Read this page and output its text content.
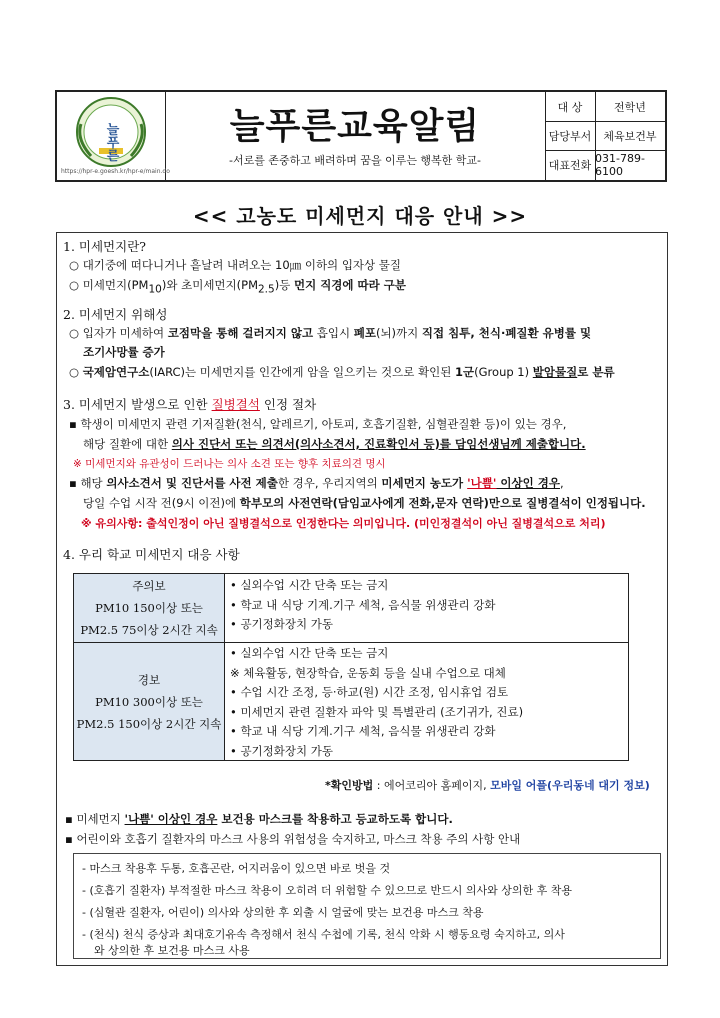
늘푸른
https://hpr-e.goesh.kr/hpr-e/main.do
늘푸른교육알림
-서로를 존중하고 배려하며 꿈을 이루는 행복한 학교-
대 상	전학년
담당부서	체육보건부
대표전화
031-789-6100
<< 고농도 미세먼지 대응 안내 >>
1. 미세먼지란?
○ 대기중에 떠다니거나 흩날려 내려오는 10㎛ 이하의 입자상 물질
○ 미세먼지$(PM_{10})$와 초미세먼지$(PM_{2.5})$등 먼지 직경에 따라 구분
2. 미세먼지 위해성
○ 입자가 미세하여 코점막을 통해 걸러지지 않고 흡입시 폐포(뇌)까지 직접 침투, 천식·폐질환 유병률 및
조기사망률 증가
○ 국제암연구소(IARC)는 미세먼지를 인간에게 암을 일으키는 것으로 확인된 1군(Group 1) 발암물질로 분류
3. 미세먼지 발생으로 인한 질병결석 인정 절차
▪ 학생이 미세먼지 관련 기저질환(천식, 알레르기, 아토피, 호흡기질환, 심혈관질환 등)이 있는 경우,
해당 질환에 대한 의사 진단서 또는 의견서(의사소견서, 진료확인서 등)를 담임선생님께 제출합니다.
※ 미세먼지와 유관성이 드러나는 의사 소견 또는 향후 치료의견 명시
▪ 해당 의사소견서 및 진단서를 사전 제출한 경우, 우리지역의 미세먼지 농도가 '나쁨' 이상인 경우,
당일 수업 시작 전(9시 이전)에 학부모의 사전연락(담임교사에게 전화,문자 연락)만으로 질병결석이 인정됩니다.
※ 유의사항: 출석인정이 아닌 질병결석으로 인정한다는 의미입니다. (미인정결석이 아닌 질병결석으로 처리)
4. 우리 학교 미세먼지 대응 사항
주의보
PM10 150이상 또는
PM2.5 75이상 2시간 지속
• 실외수업 시간 단축 또는 금지
• 학교 내 식당 기계.기구 세척, 음식물 위생관리 강화
• 공기정화장치 가동
경보
PM10 300이상 또는
PM2.5 150이상 2시간 지속
• 실외수업 시간 단축 또는 금지
※ 체육활동, 현장학습, 운동회 등을 실내 수업으로 대체
• 수업 시간 조정, 등·하교(원) 시간 조정, 임시휴업 검토
• 미세먼지 관련 질환자 파악 및 특별관리 (조기귀가, 진료)
• 학교 내 식당 기계.기구 세척, 음식물 위생관리 강화
• 공기정화장치 가동
*확인방법 : 에어코리아 홈페이지, 모바일 어플(우리동네 대기 정보)
▪ 미세먼지 '나쁨' 이상인 경우 보건용 마스크를 착용하고 등교하도록 합니다.
▪ 어린이와 호흡기 질환자의 마스크 사용의 위험성을 숙지하고, 마스크 착용 주의 사항 안내
- 마스크 착용후 두통, 호흡곤란, 어지러움이 있으면 바로 벗을 것
- (호흡기 질환자) 부적절한 마스크 착용이 오히려 더 위험할 수 있으므로 반드시 의사와 상의한 후 착용
- (심혈관 질환자, 어린이) 의사와 상의한 후 외출 시 얼굴에 맞는 보건용 마스크 착용
- (천식) 천식 증상과 최대호기유속 측정해서 천식 수첩에 기록, 천식 악화 시 행동요령 숙지하고, 의사
와 상의한 후 보건용 마스크 사용
